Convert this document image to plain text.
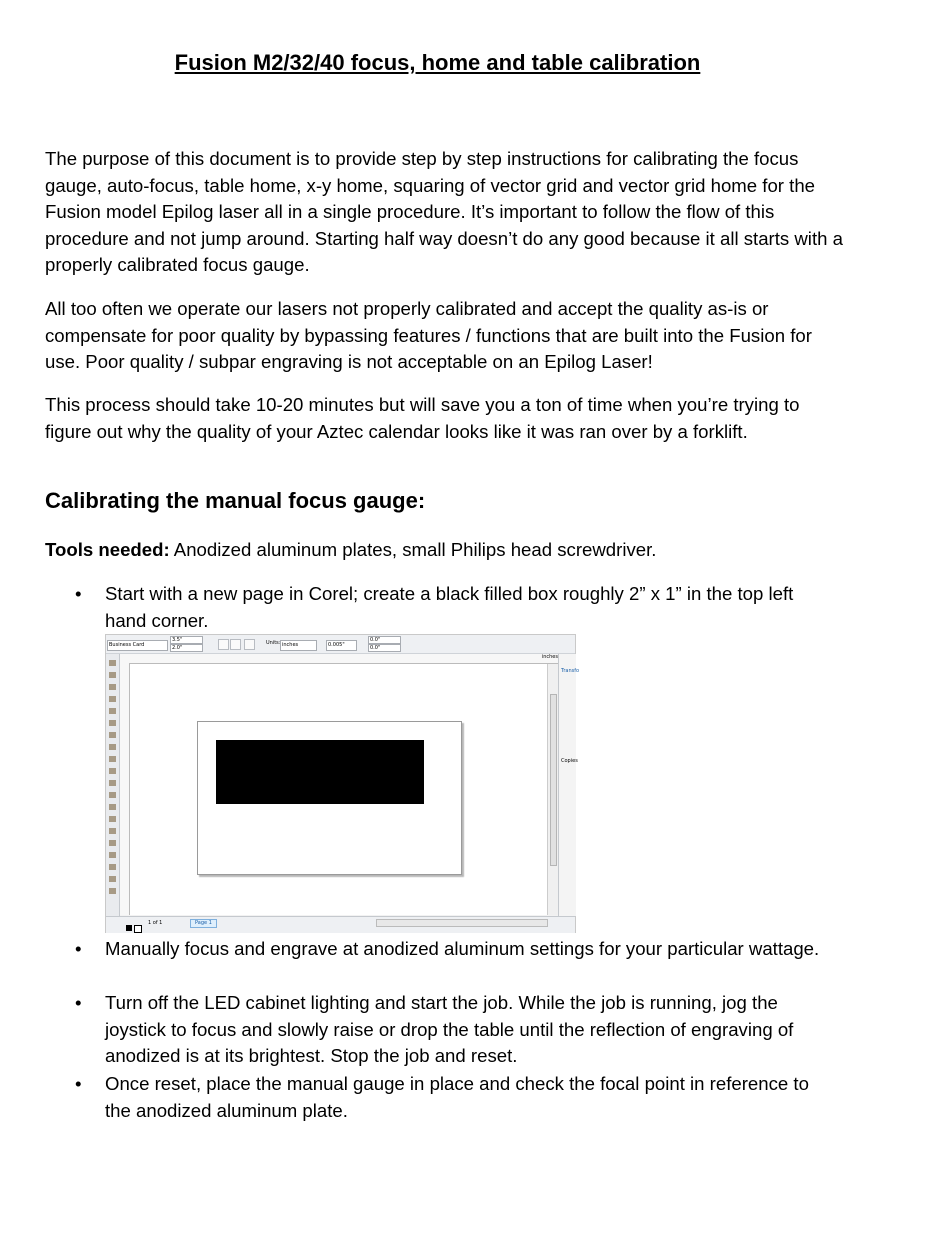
Fusion M2/32/40 focus, home and table calibration

The purpose of this document is to provide step by step instructions for calibrating the focus gauge, auto-focus, table home, x-y home, squaring of vector grid and vector grid home for the Fusion model Epilog laser all in a single procedure. It’s important to follow the flow of this procedure and not jump around. Starting half way doesn’t do any good because it all starts with a properly calibrated focus gauge.

All too often we operate our lasers not properly calibrated and accept the quality as-is or compensate for poor quality by bypassing features / functions that are built into the Fusion for use. Poor quality / subpar engraving is not acceptable on an Epilog Laser!

This process should take 10-20 minutes but will save you a ton of time when you’re trying to figure out why the quality of your Aztec calendar looks like it was ran over by a forklift.

Calibrating the manual focus gauge:

Tools needed: Anodized aluminum plates, small Philips head screwdriver.

•	Start with a new page in Corel; create a black filled box roughly 2” x 1” in the top left hand corner.

Business Card
3.5"
2.0"
Units: inches	0.005"
0.0"
0.0"
inches
Transfo
Copies
1 of 1	Page 1
•	Manually focus and engrave at anodized aluminum settings for your particular wattage.

•	Turn off the LED cabinet lighting and start the job. While the job is running, jog the joystick to focus and slowly raise or drop the table until the reflection of engraving of anodized is at its brightest. Stop the job and reset.

•	Once reset, place the manual gauge in place and check the focal point in reference to the anodized aluminum plate.
